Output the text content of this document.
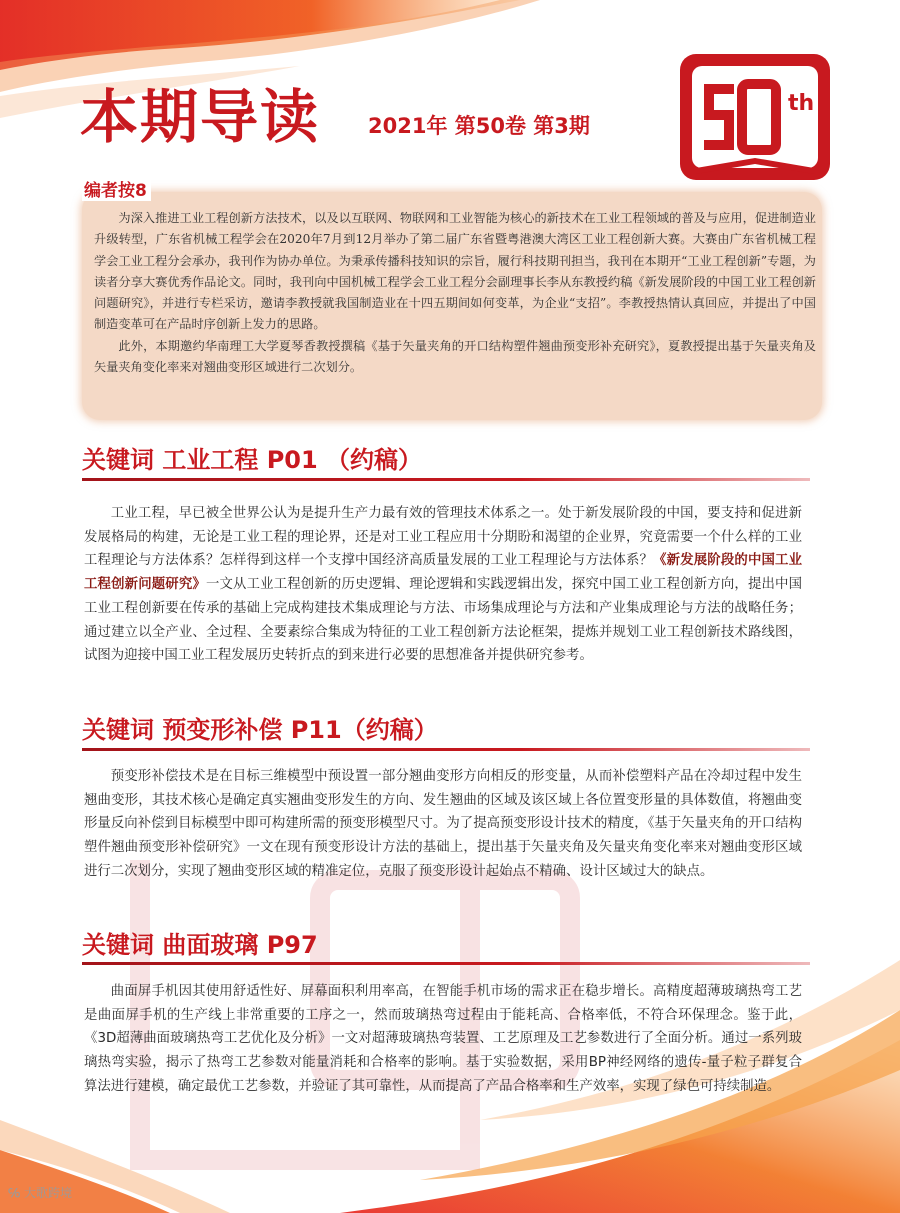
本期导读 2021年 第50卷 第3期
th
编者按8

为深入推进工业工程创新方法技术，以及以互联网、物联网和工业智能为核心的新技术在工业工程领域的普及与应用，促进制造业升级转型，广东省机械工程学会在2020年7月到12月举办了第二届广东省暨粤港澳大湾区工业工程创新大赛。大赛由广东省机械工程学会工业工程分会承办，我刊作为协办单位。为秉承传播科技知识的宗旨，履行科技期刊担当，我刊在本期开“工业工程创新”专题，为读者分享大赛优秀作品论文。同时，我刊向中国机械工程学会工业工程分会副理事长李从东教授约稿《新发展阶段的中国工业工程创新问题研究》，并进行专栏采访，邀请李教授就我国制造业在十四五期间如何变革，为企业“支招”。李教授热情认真回应，并提出了中国制造变革可在产品时序创新上发力的思路。

此外，本期邀约华南理工大学夏琴香教授撰稿《基于矢量夹角的开口结构塑件翘曲预变形补充研究》，夏教授提出基于矢量夹角及矢量夹角变化率来对翘曲变形区域进行二次划分。

关键词 工业工程 P01 （约稿）

工业工程，早已被全世界公认为是提升生产力最有效的管理技术体系之一。处于新发展阶段的中国，要支持和促进新发展格局的构建，无论是工业工程的理论界，还是对工业工程应用十分期盼和渴望的企业界，究竟需要一个什么样的工业工程理论与方法体系？怎样得到这样一个支撑中国经济高质量发展的工业工程理论与方法体系？《新发展阶段的中国工业工程创新问题研究》一文从工业工程创新的历史逻辑、理论逻辑和实践逻辑出发，探究中国工业工程创新方向，提出中国工业工程创新要在传承的基础上完成构建技术集成理论与方法、市场集成理论与方法和产业集成理论与方法的战略任务；通过建立以全产业、全过程、全要素综合集成为特征的工业工程创新方法论框架，提炼并规划工业工程创新技术路线图，试图为迎接中国工业工程发展历史转折点的到来进行必要的思想准备并提供研究参考。

关键词 预变形补偿 P11（约稿）

预变形补偿技术是在目标三维模型中预设置一部分翘曲变形方向相反的形变量，从而补偿塑料产品在冷却过程中发生翘曲变形，其技术核心是确定真实翘曲变形发生的方向、发生翘曲的区域及该区域上各位置变形量的具体数值，将翘曲变形量反向补偿到目标模型中即可构建所需的预变形模型尺寸。为了提高预变形设计技术的精度，《基于矢量夹角的开口结构塑件翘曲预变形补偿研究》一文在现有预变形设计方法的基础上，提出基于矢量夹角及矢量夹角变化率来对翘曲变形区域进行二次划分，实现了翘曲变形区域的精准定位，克服了预变形设计起始点不精确、设计区域过大的缺点。

关键词 曲面玻璃 P97

曲面屏手机因其使用舒适性好、屏幕面积利用率高，在智能手机市场的需求正在稳步增长。高精度超薄玻璃热弯工艺是曲面屏手机的生产线上非常重要的工序之一，然而玻璃热弯过程由于能耗高、合格率低，不符合环保理念。鉴于此，《3D超薄曲面玻璃热弯工艺优化及分析》一文对超薄玻璃热弯装置、工艺原理及工艺参数进行了全面分析。通过一系列玻璃热弯实验，揭示了热弯工艺参数对能量消耗和合格率的影响。基于实验数据，采用BP神经网络的遗传-量子粒子群复合算法进行建模，确定最优工艺参数，并验证了其可靠性，从而提高了产品合格率和生产效率，实现了绿色可持续制造。

℅ 大歌跨境
